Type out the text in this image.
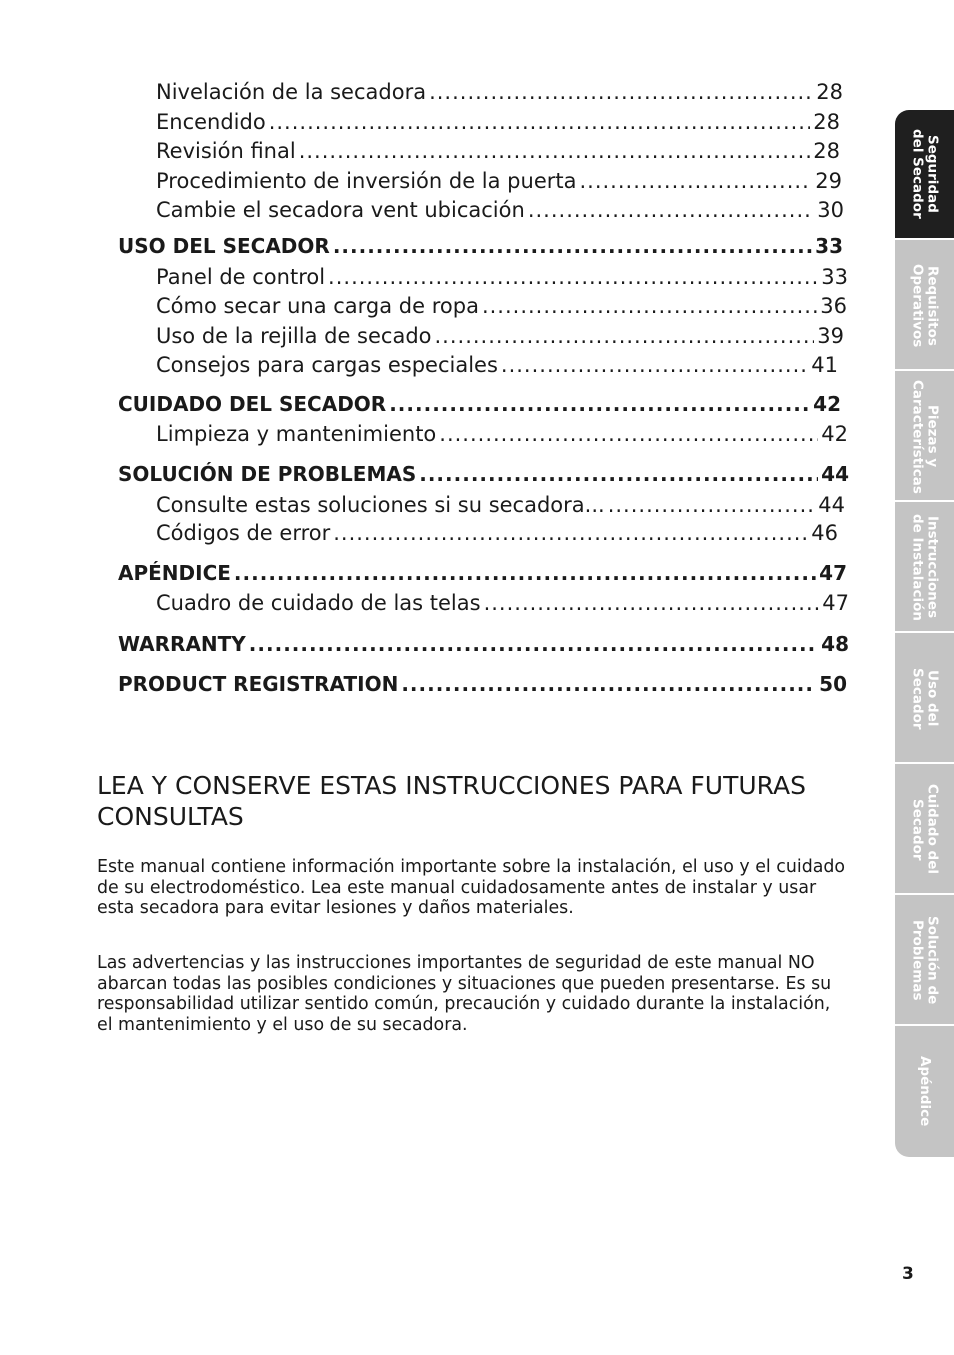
Nivelación de la secadora .....	28
Encendido .....	28
Revisión final .....	28
Procedimiento de inversión de la puerta .....	29
Cambie el secadora vent ubicación .....	30
USO DEL SECADOR .....	33
Panel de control .....	33
Cómo secar una carga de ropa .....	36
Uso de la rejilla de secado .....	39
Consejos para cargas especiales .....	41
CUIDADO DEL SECADOR .....	42
Limpieza y mantenimiento .....	42
SOLUCIÓN DE PROBLEMAS .....	44
Consulte estas soluciones si su secadora... .....	44
Códigos de error .....	46
APÉNDICE .....	47
Cuadro de cuidado de las telas .....	47
WARRANTY .....	48
PRODUCT REGISTRATION .....	50
LEA Y CONSERVE ESTAS INSTRUCCIONES PARA FUTURAS CONSULTAS

Este manual contiene información importante sobre la instalación, el uso y el cuidado de su electrodoméstico. Lea este manual cuidadosamente antes de instalar y usar esta secadora para evitar lesiones y daños materiales.

Las advertencias y las instrucciones importantes de seguridad de este manual NO abarcan todas las posibles condiciones y situaciones que pueden presentarse. Es su responsabilidad utilizar sentido común, precaución y cuidado durante la instalación, el mantenimiento y el uso de su secadora.

Seguridad
del Secador
Requisitos
Operativos
Piezas y
Características
Instrucciones
de Instalación
Uso del
Secador
Cuidado del
Secador
Solución de
Problemas
Apéndice
3
